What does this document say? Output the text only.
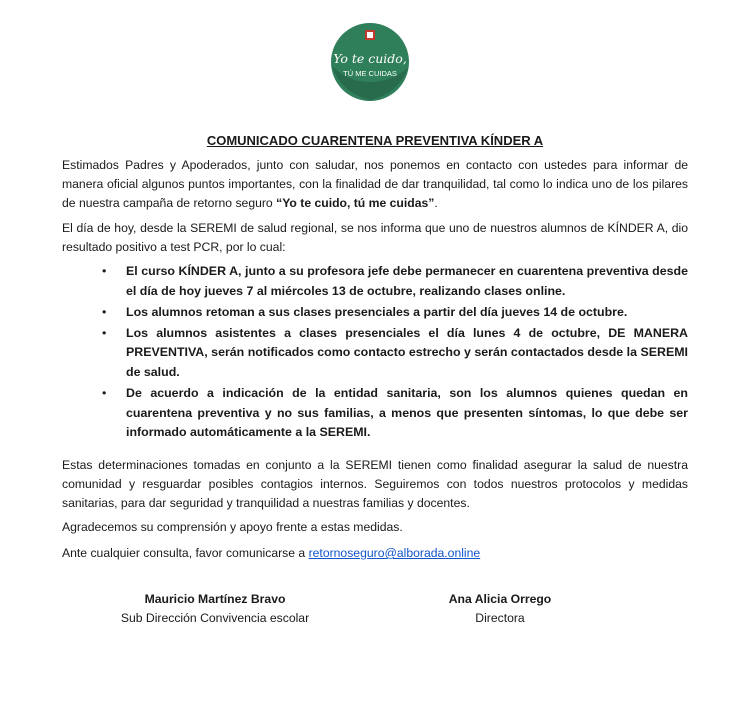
Yo te cuido,
TÚ ME CUIDAS
COMUNICADO CUARENTENA PREVENTIVA KÍNDER A

Estimados Padres y Apoderados, junto con saludar, nos ponemos en contacto con ustedes para informar de manera oficial algunos puntos importantes, con la finalidad de dar tranquilidad, tal como lo indica uno de los pilares de nuestra campaña de retorno seguro “Yo te cuido, tú me cuidas”.

El día de hoy, desde la SEREMI de salud regional, se nos informa que uno de nuestros alumnos de KÍNDER A, dio resultado positivo a test PCR, por lo cual:

• El curso KÍNDER A, junto a su profesora jefe debe permanecer en cuarentena preventiva desde el día de hoy jueves 7 al miércoles 13 de octubre, realizando clases online.
• Los alumnos retoman a sus clases presenciales a partir del día jueves 14 de octubre.
• Los alumnos asistentes a clases presenciales el día lunes 4 de octubre, DE MANERA PREVENTIVA, serán notificados como contacto estrecho y serán contactados desde la SEREMI de salud.
• De acuerdo a indicación de la entidad sanitaria, son los alumnos quienes quedan en cuarentena preventiva y no sus familias, a menos que presenten síntomas, lo que debe ser informado automáticamente a la SEREMI.

Estas determinaciones tomadas en conjunto a la SEREMI tienen como finalidad asegurar la salud de nuestra comunidad y resguardar posibles contagios internos. Seguiremos con todos nuestros protocolos y medidas sanitarias, para dar seguridad y tranquilidad a nuestras familias y docentes.

Agradecemos su comprensión y apoyo frente a estas medidas.

Ante cualquier consulta, favor comunicarse a retornoseguro@alborada.online

Mauricio Martínez Bravo
Sub Dirección Convivencia escolar
Ana Alicia Orrego
Directora
